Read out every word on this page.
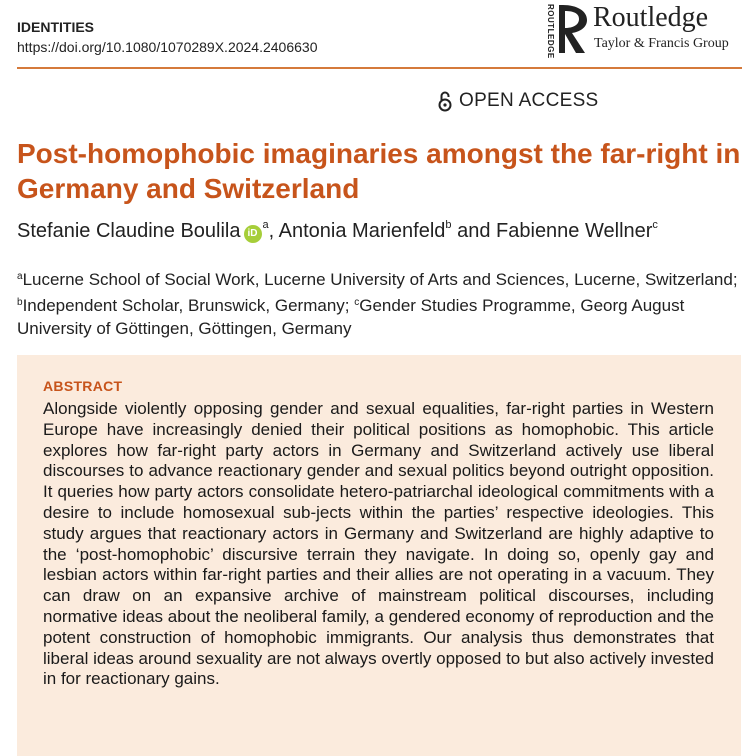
IDENTITIES
https://doi.org/10.1080/1070289X.2024.2406630	ROUTLEDGE Routledge
Taylor & Francis Group
OPEN ACCESS
Post-homophobic imaginaries amongst the far-right in Germany and Switzerland
Stefanie Claudine Boulila $iD^a$, Antonia Marienfeld$^b$ and Fabienne Wellner$^c$

$^a$Lucerne School of Social Work, Lucerne University of Arts and Sciences, Lucerne, Switzerland; $^b$Independent Scholar, Brunswick, Germany; $^c$Gender Studies Programme, Georg August University of Göttingen, Göttingen, Germany

ABSTRACT

Alongside violently opposing gender and sexual equalities, far-right parties in Western Europe have increasingly denied their political positions as homophobic. This article explores how far-right party actors in Germany and Switzerland actively use liberal discourses to advance reactionary gender and sexual politics beyond outright opposition. It queries how party actors consolidate hetero-patriarchal ideological commitments with a desire to include homosexual sub-jects within the parties’ respective ideologies. This study argues that reactionary actors in Germany and Switzerland are highly adaptive to the ‘post-homophobic’ discursive terrain they navigate. In doing so, openly gay and lesbian actors within far-right parties and their allies are not operating in a vacuum. They can draw on an expansive archive of mainstream political discourses, including normative ideas about the neoliberal family, a gendered economy of reproduction and the potent construction of homophobic immigrants. Our analysis thus demonstrates that liberal ideas around sexuality are not always overtly opposed to but also actively invested in for reactionary gains.
